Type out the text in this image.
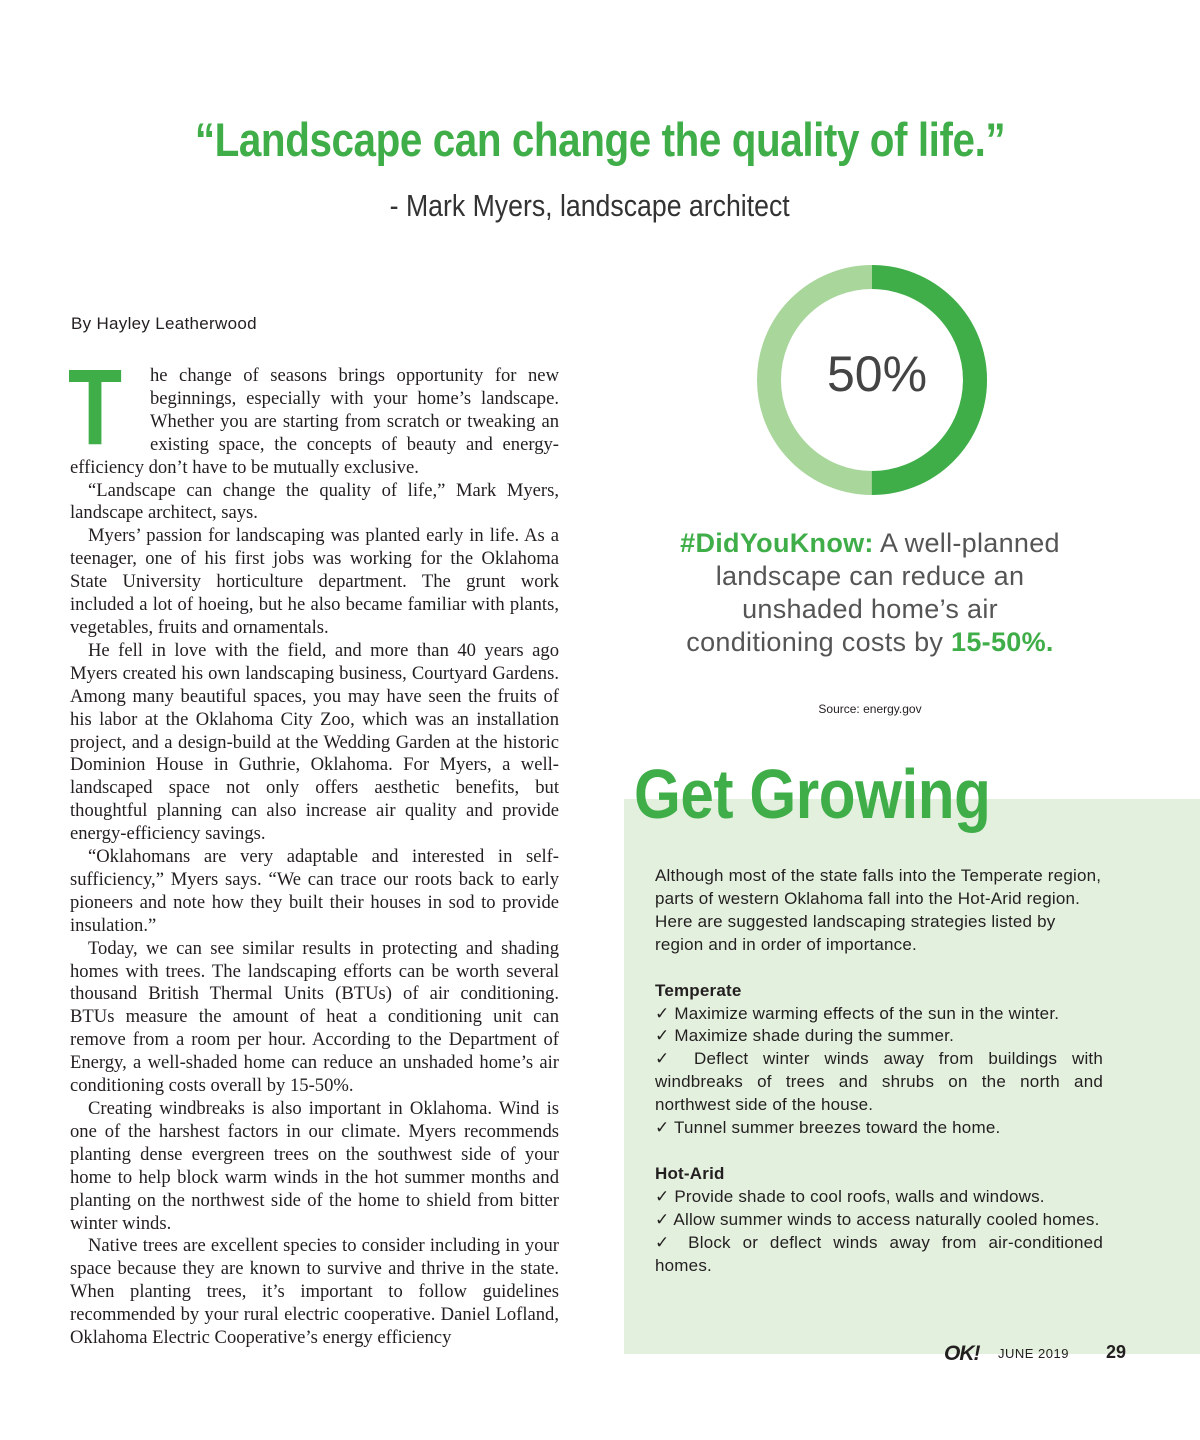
“Landscape can change the quality of life.”
- Mark Myers, landscape architect
By Hayley Leatherwood
T	he change of seasons brings opportunity for new beginnings, especially with your home’s landscape. Whether you are starting from scratch or tweaking an existing space, the concepts of beauty and energy-efficiency don’t have to be mutually exclusive.

“Landscape can change the quality of life,” Mark Myers, landscape architect, says.

Myers’ passion for landscaping was planted early in life. As a teenager, one of his first jobs was working for the Oklahoma State University horticulture department. The grunt work included a lot of hoeing, but he also became familiar with plants, vegetables, fruits and ornamentals.

He fell in love with the field, and more than 40 years ago Myers created his own landscaping business, Courtyard Gardens. Among many beautiful spaces, you may have seen the fruits of his labor at the Oklahoma City Zoo, which was an installation project, and a design-build at the Wedding Garden at the historic Dominion House in Guthrie, Oklahoma. For Myers, a well-landscaped space not only offers aesthetic benefits, but thoughtful planning can also increase air quality and provide energy-efficiency savings.

“Oklahomans are very adaptable and interested in self-sufficiency,” Myers says. “We can trace our roots back to early pioneers and note how they built their houses in sod to provide insulation.”

Today, we can see similar results in protecting and shading homes with trees. The landscaping efforts can be worth several thousand British Thermal Units (BTUs) of air conditioning. BTUs measure the amount of heat a conditioning unit can remove from a room per hour. According to the Department of Energy, a well-shaded home can reduce an unshaded home’s air conditioning costs overall by 15-50%.

Creating windbreaks is also important in Oklahoma. Wind is one of the harshest factors in our climate. Myers recommends planting dense evergreen trees on the southwest side of your home to help block warm winds in the hot summer months and planting on the northwest side of the home to shield from bitter winter winds.

Native trees are excellent species to consider including in your space because they are known to survive and thrive in the state. When planting trees, it’s important to follow guidelines recommended by your rural electric cooperative. Daniel Lofland, Oklahoma Electric Cooperative’s energy efficiency

50%
#DidYouKnow: A well-planned landscape can reduce an unshaded home’s air conditioning costs by 15-50%.
Source: energy.gov
Get Growing

Although most of the state falls into the Temperate region, parts of western Oklahoma fall into the Hot-Arid region. Here are suggested landscaping strategies listed by region and in order of importance.

Temperate

✓ Maximize warming effects of the sun in the winter.

✓ Maximize shade during the summer.

✓ Deflect winter winds away from buildings with windbreaks of trees and shrubs on the north and northwest side of the house.

✓ Tunnel summer breezes toward the home.

Hot-Arid

✓ Provide shade to cool roofs, walls and windows.

✓ Allow summer winds to access naturally cooled homes.

✓ Block or deflect winds away from air-conditioned homes.

OK! JUNE 2019 29
